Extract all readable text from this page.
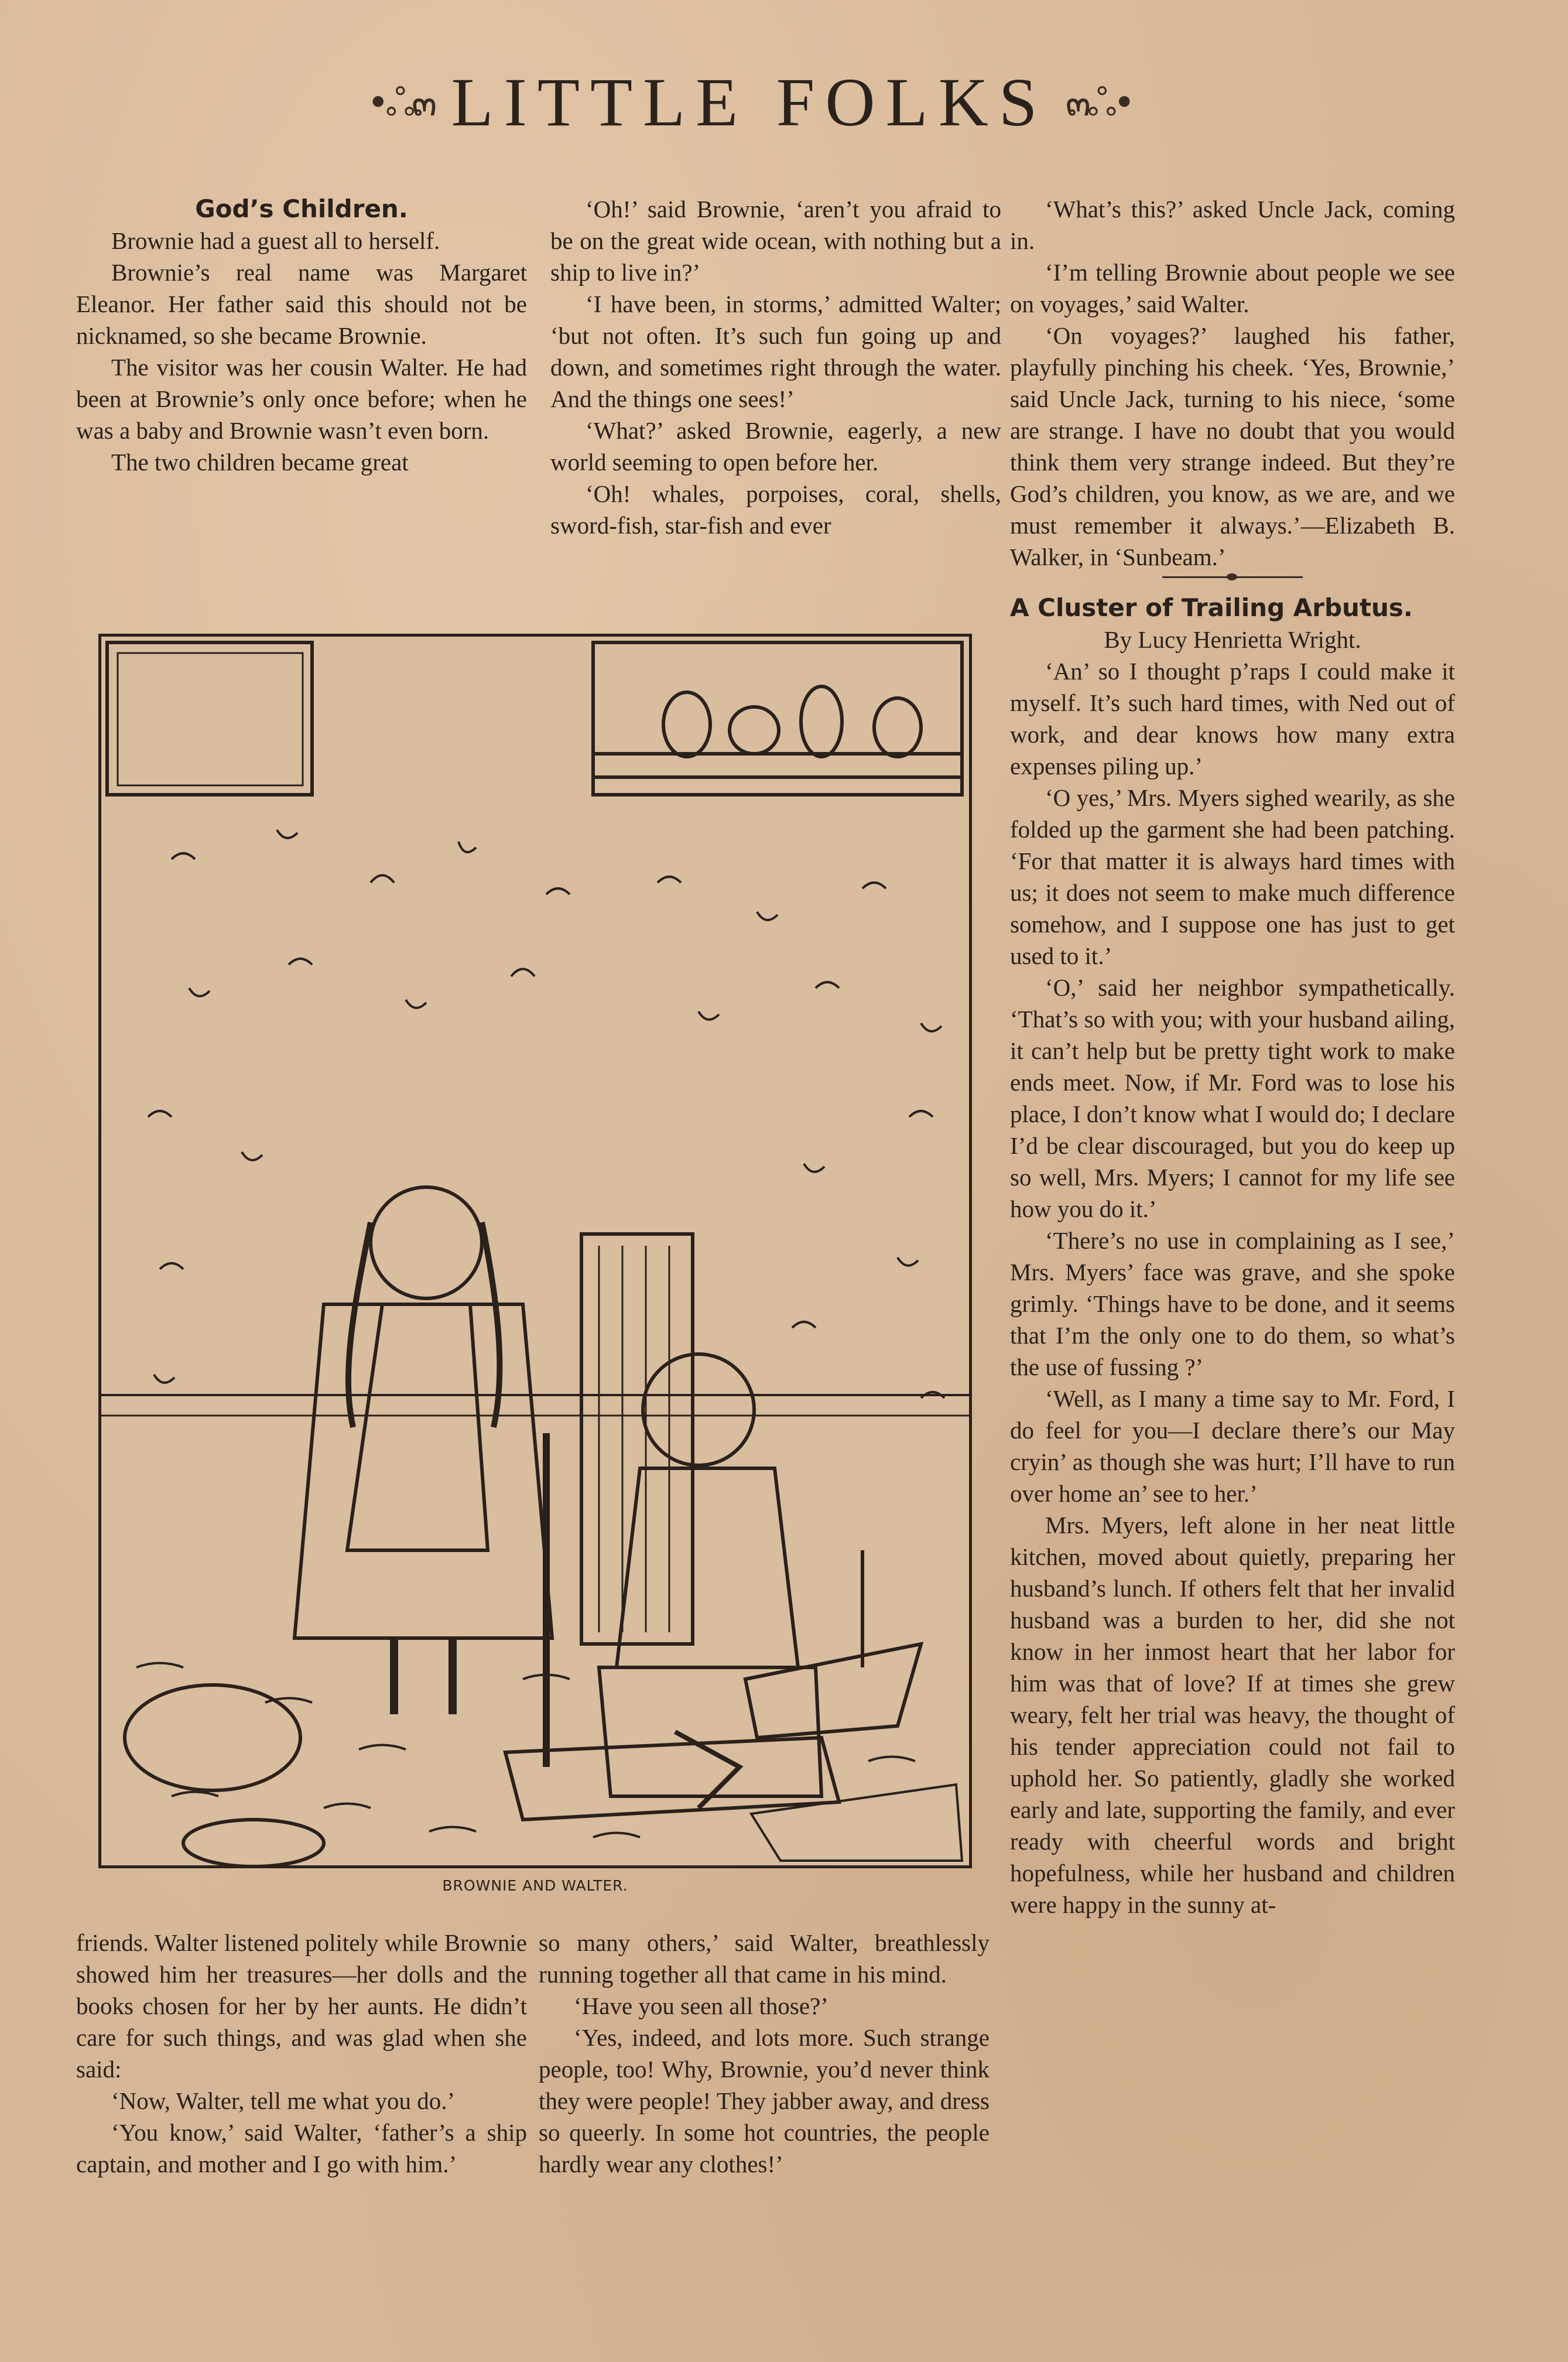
•ஃ๓ LITTLE FOLKS ๓ஃ•

God’s Children.

Brownie had a guest all to herself.

Brownie’s real name was Margaret Eleanor. Her father said this should not be nicknamed, so she became Brownie.

The visitor was her cousin Walter. He had been at Brownie’s only once before; when he was a baby and Brownie wasn’t even born.

The two children became great

‘Oh!’ said Brownie, ‘aren’t you afraid to be on the great wide ocean, with nothing but a ship to live in?’

‘I have been, in storms,’ admitted Walter; ‘but not often. It’s such fun going up and down, and sometimes right through the water. And the things one sees!’

‘What?’ asked Brownie, eagerly, a new world seeming to open before her.

‘Oh! whales, porpoises, coral, shells, sword-fish, star-fish and ever

BROWNIE AND WALTER.

friends. Walter listened politely while Brownie showed him her treasures—her dolls and the books chosen for her by her aunts. He didn’t care for such things, and was glad when she said:

‘Now, Walter, tell me what you do.’

‘You know,’ said Walter, ‘father’s a ship captain, and mother and I go with him.’

so many others,’ said Walter, breathlessly running together all that came in his mind.

‘Have you seen all those?’

‘Yes, indeed, and lots more. Such strange people, too! Why, Brownie, you’d never think they were people! They jabber away, and dress so queerly. In some hot countries, the people hardly wear any clothes!’

‘What’s this?’ asked Uncle Jack, coming in.

‘I’m telling Brownie about people we see on voyages,’ said Walter.

‘On voyages?’ laughed his father, playfully pinching his cheek. ‘Yes, Brownie,’ said Uncle Jack, turning to his niece, ‘some are strange. I have no doubt that you would think them very strange indeed. But they’re God’s children, you know, as we are, and we must remember it always.’—Elizabeth B. Walker, in ‘Sunbeam.’

A Cluster of Trailing Arbutus.

By Lucy Henrietta Wright.

‘An’ so I thought p’raps I could make it myself. It’s such hard times, with Ned out of work, and dear knows how many extra expenses piling up.’

‘O yes,’ Mrs. Myers sighed wearily, as she folded up the garment she had been patching. ‘For that matter it is always hard times with us; it does not seem to make much difference somehow, and I suppose one has just to get used to it.’

‘O,’ said her neighbor sympathetically. ‘That’s so with you; with your husband ailing, it can’t help but be pretty tight work to make ends meet. Now, if Mr. Ford was to lose his place, I don’t know what I would do; I declare I’d be clear discouraged, but you do keep up so well, Mrs. Myers; I cannot for my life see how you do it.’

‘There’s no use in complaining as I see,’ Mrs. Myers’ face was grave, and she spoke grimly. ‘Things have to be done, and it seems that I’m the only one to do them, so what’s the use of fussing ?’

‘Well, as I many a time say to Mr. Ford, I do feel for you—I declare there’s our May cryin’ as though she was hurt; I’ll have to run over home an’ see to her.’

Mrs. Myers, left alone in her neat little kitchen, moved about quietly, preparing her husband’s lunch. If others felt that her invalid husband was a burden to her, did she not know in her inmost heart that her labor for him was that of love? If at times she grew weary, felt her trial was heavy, the thought of his tender appreciation could not fail to uphold her. So patiently, gladly she worked early and late, supporting the family, and ever ready with cheerful words and bright hopefulness, while her husband and children were happy in the sunny at-
